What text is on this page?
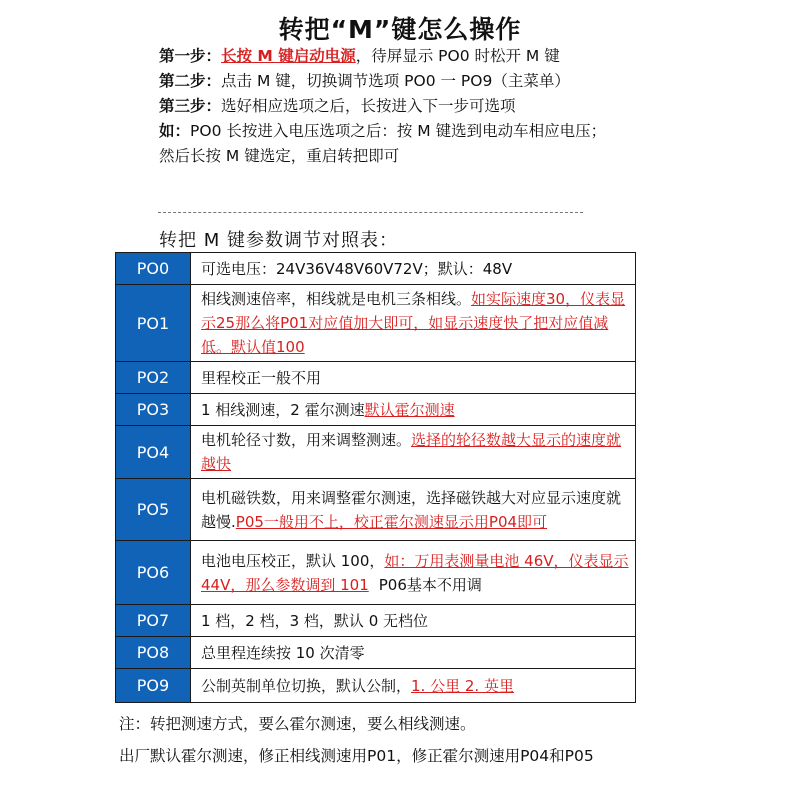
转把“M”键怎么操作
第一步：长按 M 键启动电源，待屏显示 PO0 时松开 M 键
第二步：点击 M 键，切换调节选项 PO0 一 PO9（主菜单）
第三步：选好相应选项之后，长按进入下一步可选项
如：PO0 长按进入电压选项之后：按 M 键选到电动车相应电压；
然后长按 M 键选定，重启转把即可
转把 M 键参数调节对照表：
PO0	可选电压：24V36V48V60V72V；默认：48V
PO1	相线测速倍率，相线就是电机三条相线。如实际速度30，仪表显示25那么将P01对应值加大即可，如显示速度快了把对应值减低。默认值100
PO2	里程校正一般不用
PO3	1 相线测速，2 霍尔测速默认霍尔测速
PO4	电机轮径寸数，用来调整测速。选择的轮径数越大显示的速度就越快
PO5	电机磁铁数，用来调整霍尔测速，选择磁铁越大对应显示速度就越慢.P05一般用不上，校正霍尔测速显示用P04即可
PO6	电池电压校正，默认 100，如：万用表测量电池 46V，仪表显示 44V，那么参数调到 101 P06基本不用调
PO7	1 档，2 档，3 档，默认 0 无档位
PO8	总里程连续按 10 次清零
PO9	公制英制单位切换，默认公制，1. 公里 2. 英里
注：转把测速方式，要么霍尔测速，要么相线测速。
出厂默认霍尔测速，修正相线测速用P01，修正霍尔测速用P04和P05
